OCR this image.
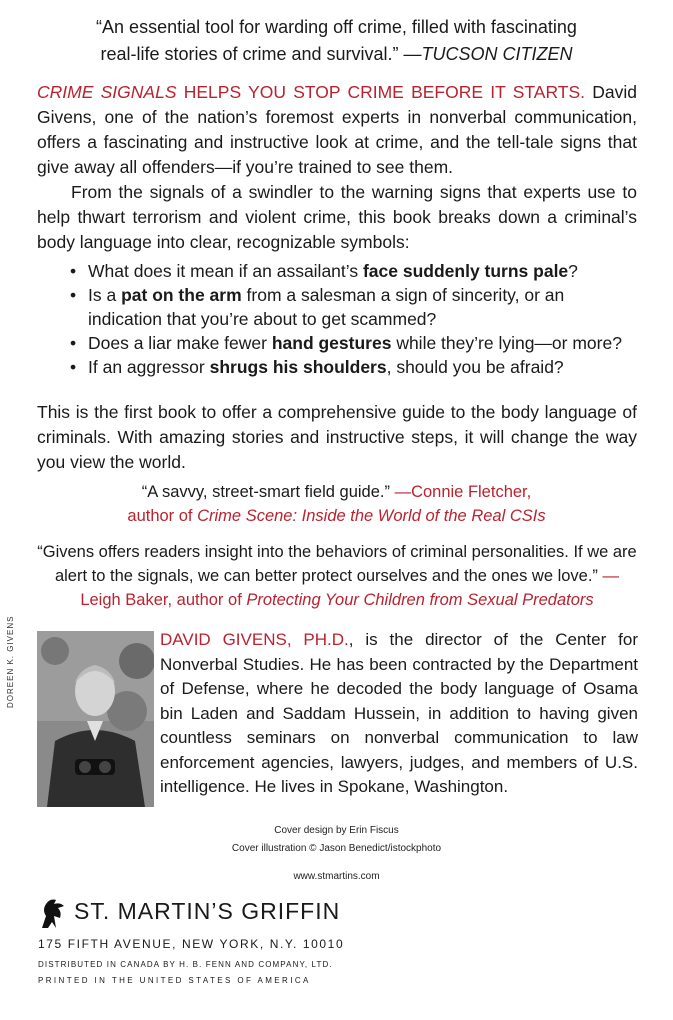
“An essential tool for warding off crime, filled with fascinating
real-life stories of crime and survival.” —TUCSON CITIZEN

CRIME SIGNALS HELPS YOU STOP CRIME BEFORE IT STARTS. David Givens, one of the nation’s foremost experts in nonverbal communication, offers a fascinating and instructive look at crime, and the tell-tale signs that give away all offenders—if you’re trained to see them.

From the signals of a swindler to the warning signs that experts use to help thwart terrorism and violent crime, this book breaks down a criminal’s body language into clear, recognizable symbols:

• What does it mean if an assailant’s face suddenly turns pale?
• Is a pat on the arm from a salesman a sign of sincerity, or an indication that you’re about to get scammed?
• Does a liar make fewer hand gestures while they’re lying—or more?
• If an aggressor shrugs his shoulders, should you be afraid?

This is the first book to offer a comprehensive guide to the body language of criminals. With amazing stories and instructive steps, it will change the way you view the world.

“A savvy, street-smart field guide.” —Connie Fletcher,
author of Crime Scene: Inside the World of the Real CSIs
“Givens offers readers insight into the behaviors of criminal personalities. If we are alert to the signals, we can better protect ourselves and the ones we love.” —Leigh Baker, author of Protecting Your Children from Sexual Predators
DOREEN K. GIVENS	DAVID GIVENS, PH.D., is the director of the Center for Nonverbal Studies. He has been contracted by the Department of Defense, where he decoded the body language of Osama bin Laden and Saddam Hussein, in addition to having given countless seminars on nonverbal communication to law enforcement agencies, lawyers, judges, and members of U.S. intelligence. He lives in Spokane, Washington.

Cover design by Erin Fiscus
Cover illustration © Jason Benedict/istockphoto
www.stmartins.com
ST. MARTIN’S GRIFFIN
175 FIFTH AVENUE, NEW YORK, N.Y. 10010
DISTRIBUTED IN CANADA BY H. B. FENN AND COMPANY, LTD.
PRINTED IN THE UNITED STATES OF AMERICA
